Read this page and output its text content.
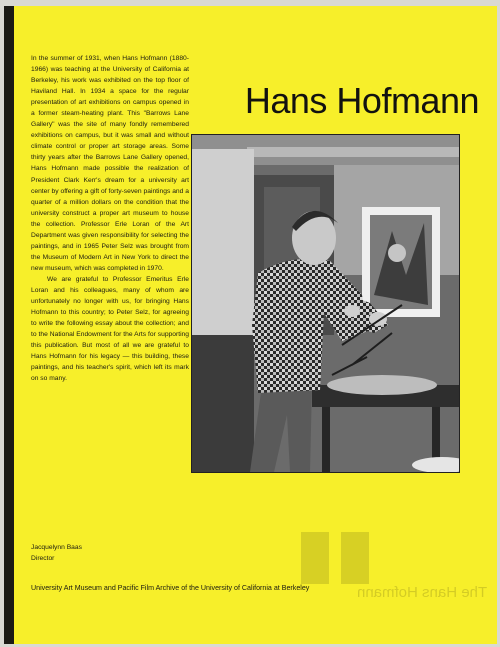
In the summer of 1931, when Hans Hofmann (1880-1966) was teaching at the University of California at Berkeley, his work was exhibited on the top floor of Haviland Hall. In 1934 a space for the regular presentation of art exhibitions on campus opened in a former steam-heating plant. This "Barrows Lane Gallery" was the site of many fondly remembered exhibitions on campus, but it was small and without climate control or proper art storage areas. Some thirty years after the Barrows Lane Gallery opened, Hans Hofmann made possible the realization of President Clark Kerr's dream for a university art center by offering a gift of forty-seven paintings and a quarter of a million dollars on the condition that the university construct a proper art museum to house the collection. Professor Erle Loran of the Art Department was given responsibility for selecting the paintings, and in 1965 Peter Selz was brought from the Museum of Modern Art in New York to direct the new museum, which was completed in 1970.

We are grateful to Professor Emeritus Erle Loran and his colleagues, many of whom are unfortunately no longer with us, for bringing Hans Hofmann to this country; to Peter Selz, for agreeing to write the following essay about the collection; and to the National Endowment for the Arts for supporting this publication. But most of all we are grateful to Hans Hofmann for his legacy — this building, these paintings, and his teacher's spirit, which left its mark on so many.

Jacquelynn Baas
Director
Hans Hofmann
The Hans Hofmann
University Art Museum and Pacific Film Archive of the University of California at Berkeley
